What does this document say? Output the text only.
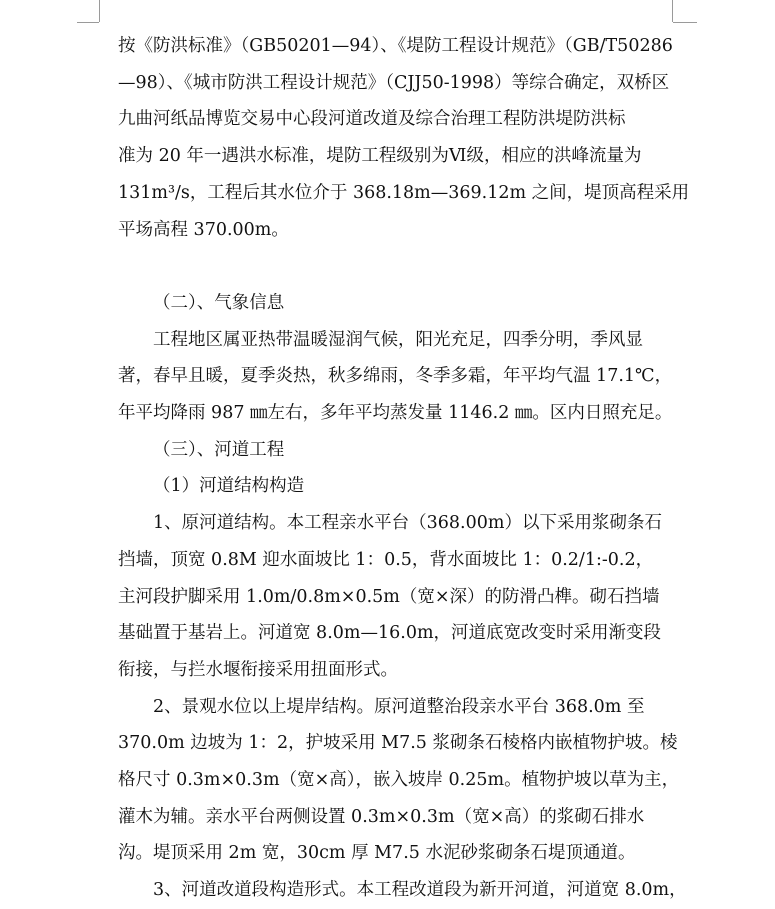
按《防洪标准》（GB50201—94）、《堤防工程设计规范》（GB/T50286
—98）、《城市防洪工程设计规范》（CJJ50-1998）等综合确定，双桥区
九曲河纸品博览交易中心段河道改道及综合治理工程防洪堤防洪标
准为 20 年一遇洪水标准，堤防工程级别为Ⅵ级，相应的洪峰流量为
131m³/s，工程后其水位介于 368.18m—369.12m 之间，堤顶高程采用
平场高程 370.00m。
（二）、气象信息
工程地区属亚热带温暖湿润气候，阳光充足，四季分明，季风显
著，春早且暖，夏季炎热，秋多绵雨，冬季多霜，年平均气温 17.1℃，
年平均降雨 987 ㎜左右，多年平均蒸发量 1146.2 ㎜。区内日照充足。
（三）、河道工程
（1）河道结构构造
1、原河道结构。本工程亲水平台（368.00m）以下采用浆砌条石
挡墙，顶宽 0.8M 迎水面坡比 1：0.5，背水面坡比 1：0.2/1:-0.2，
主河段护脚采用 1.0m/0.8m×0.5m（宽×深）的防滑凸榫。砌石挡墙
基础置于基岩上。河道宽 8.0m—16.0m，河道底宽改变时采用渐变段
衔接，与拦水堰衔接采用扭面形式。
2、景观水位以上堤岸结构。原河道整治段亲水平台 368.0m 至
370.0m 边坡为 1：2，护坡采用 M7.5 浆砌条石棱格内嵌植物护坡。棱
格尺寸 0.3m×0.3m（宽×高），嵌入坡岸 0.25m。植物护坡以草为主，
灌木为辅。亲水平台两侧设置 0.3m×0.3m（宽×高）的浆砌石排水
沟。堤顶采用 2m 宽，30cm 厚 M7.5 水泥砂浆砌条石堤顶通道。
3、河道改道段构造形式。本工程改道段为新开河道，河道宽 8.0m，
